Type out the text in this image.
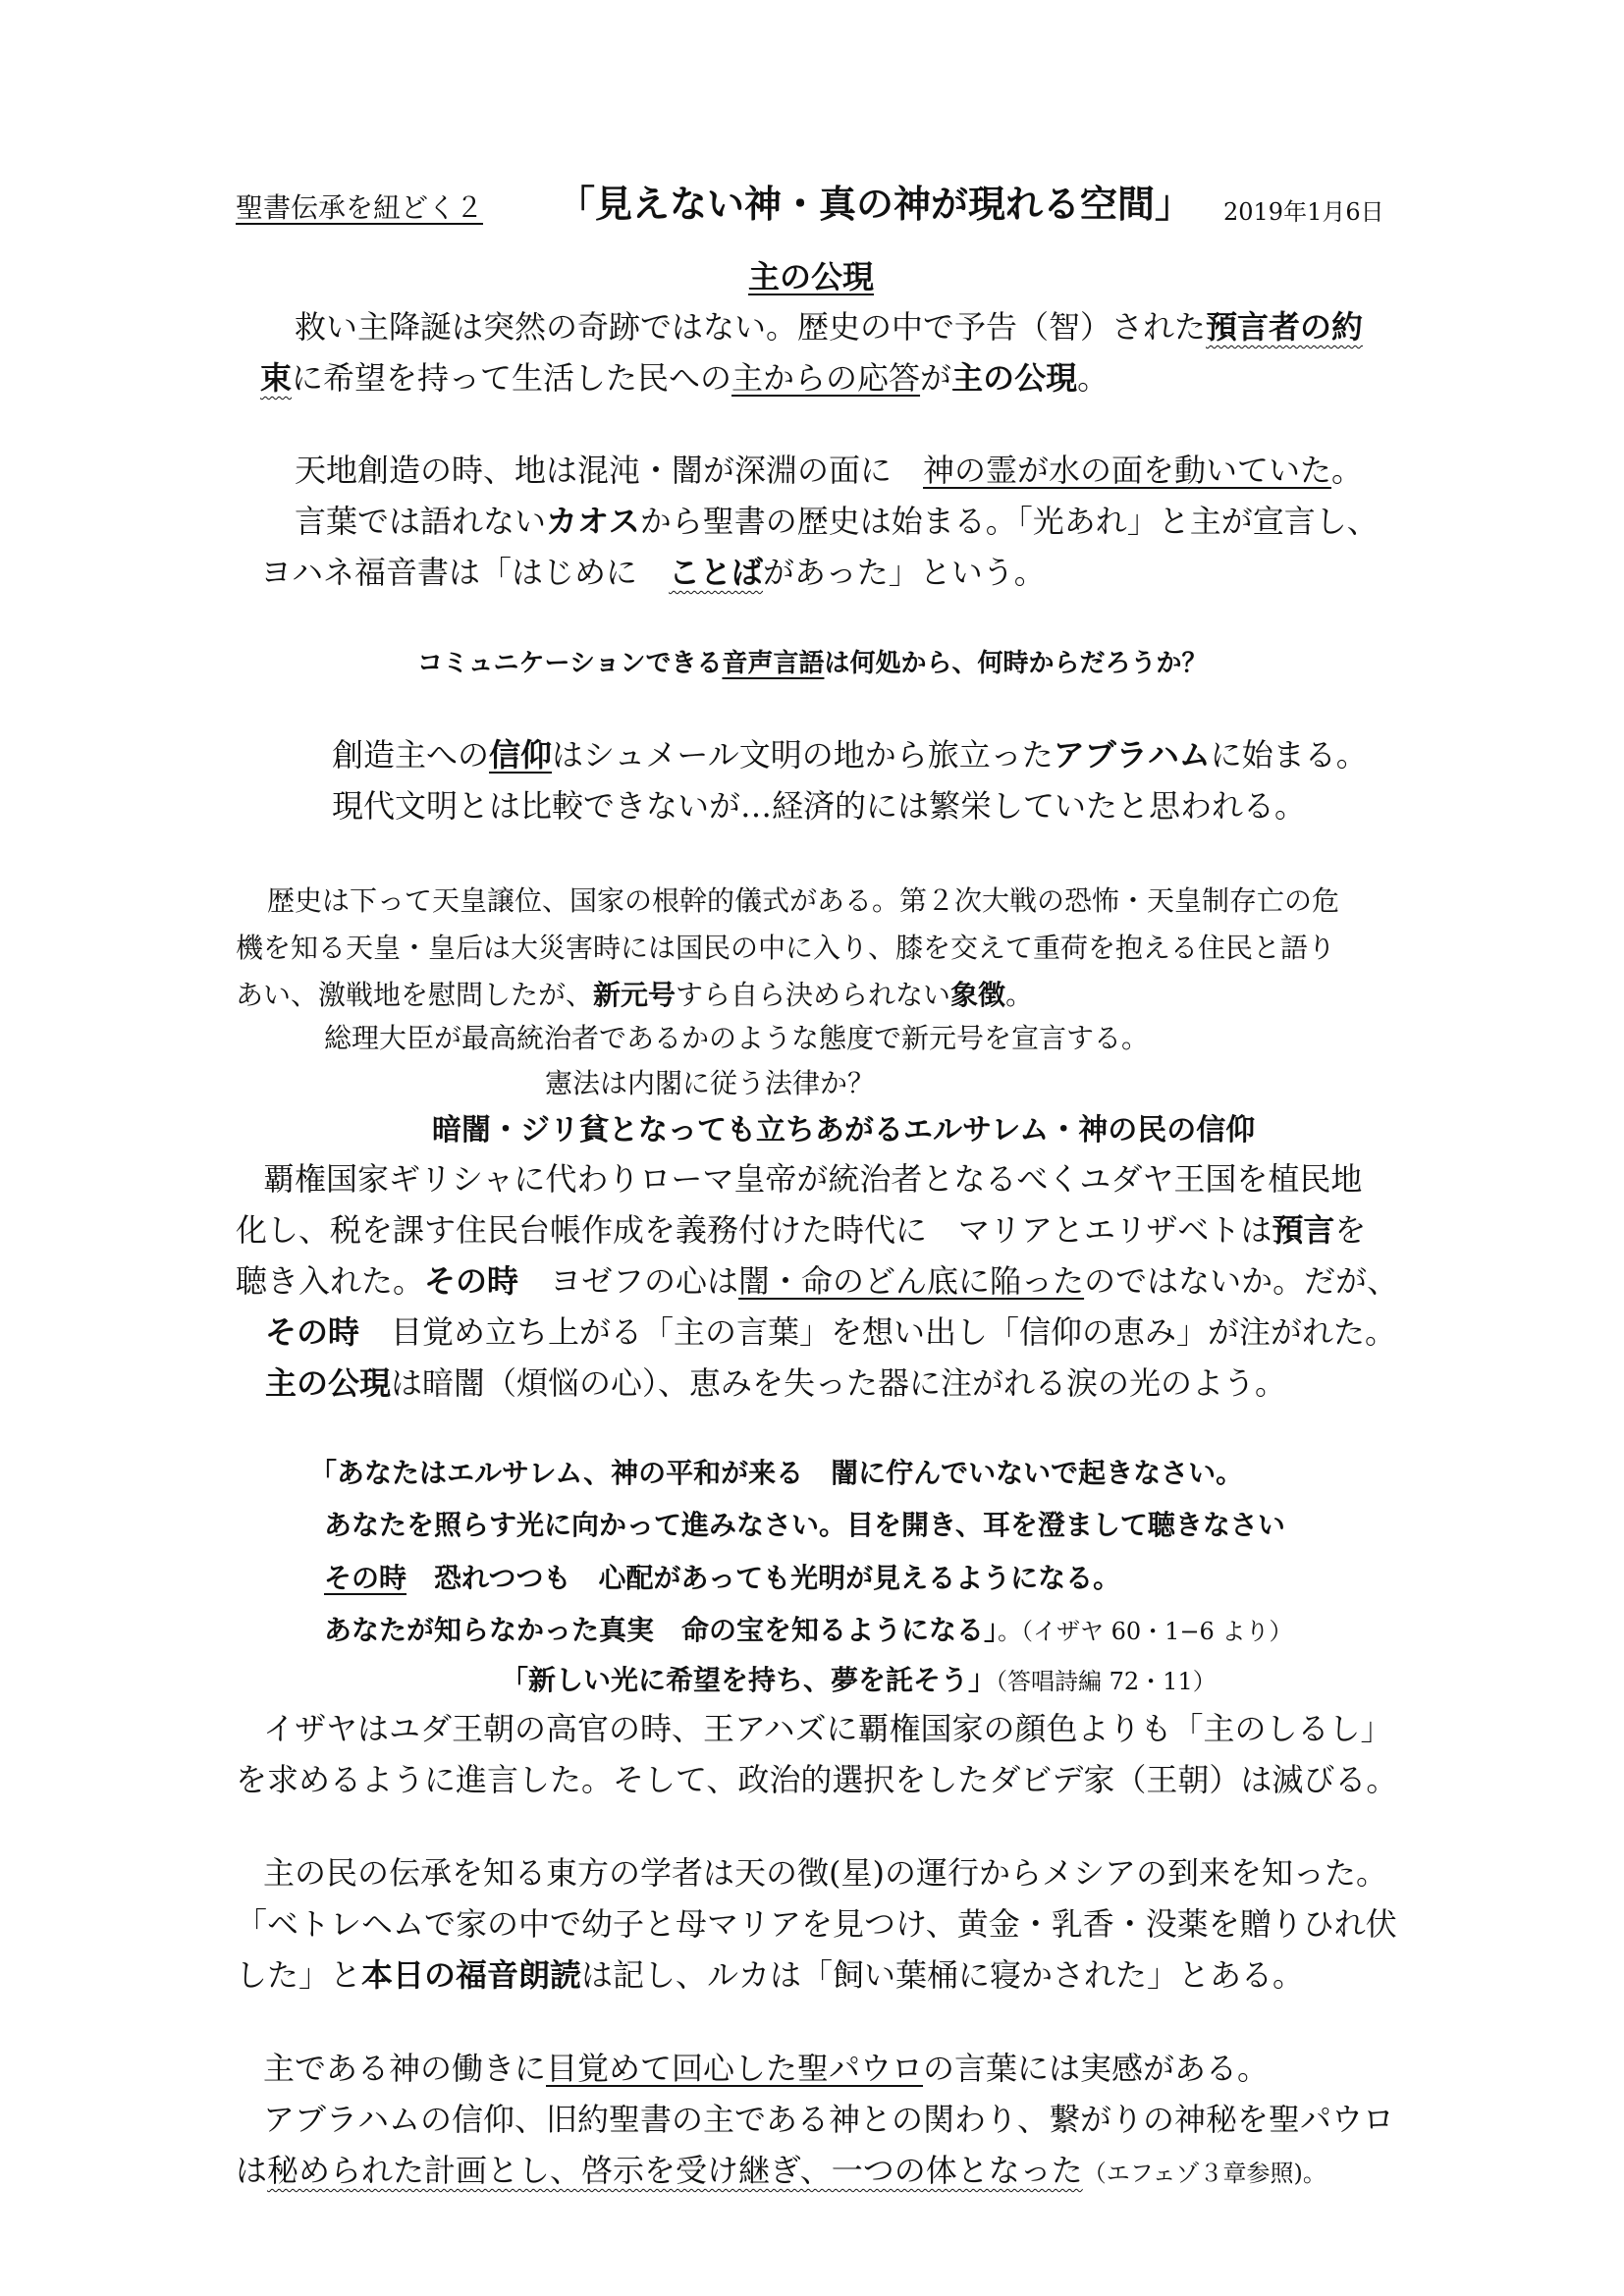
聖書伝承を紐どく２ 「見えない神・真の神が現れる空間」 2019年1月6日
主の公現
救い主降誕は突然の奇跡ではない。歴史の中で予告（智）された預言者の約
束に希望を持って生活した民への主からの応答が主の公現。
天地創造の時、地は混沌・闇が深淵の面に　神の霊が水の面を動いていた。
言葉では語れないカオスから聖書の歴史は始まる。「光あれ」と主が宣言し、
ヨハネ福音書は「はじめに　ことばがあった」という。
コミュニケーションできる音声言語は何処から、何時からだろうか？
創造主への信仰はシュメール文明の地から旅立ったアブラハムに始まる。
現代文明とは比較できないが…経済的には繁栄していたと思われる。
歴史は下って天皇譲位、国家の根幹的儀式がある。第２次大戦の恐怖・天皇制存亡の危
機を知る天皇・皇后は大災害時には国民の中に入り、膝を交えて重荷を抱える住民と語り
あい、激戦地を慰問したが、新元号すら自ら決められない象徴。
総理大臣が最高統治者であるかのような態度で新元号を宣言する。
憲法は内閣に従う法律か？
暗闇・ジリ貧となっても立ちあがるエルサレム・神の民の信仰
覇権国家ギリシャに代わりローマ皇帝が統治者となるべくユダヤ王国を植民地
化し、税を課す住民台帳作成を義務付けた時代に　マリアとエリザベトは預言を
聴き入れた。その時　ヨゼフの心は闇・命のどん底に陥ったのではないか。だが、
その時　目覚め立ち上がる「主の言葉」を想い出し「信仰の恵み」が注がれた。
主の公現は暗闇（煩悩の心）、恵みを失った器に注がれる涙の光のよう。
「あなたはエルサレム、神の平和が来る　闇に佇んでいないで起きなさい。
あなたを照らす光に向かって進みなさい。目を開き、耳を澄まして聴きなさい
その時　恐れつつも　心配があっても光明が見えるようになる。
あなたが知らなかった真実　命の宝を知るようになる」。（イザヤ 60・1−6 より）
「新しい光に希望を持ち、夢を託そう」（答唱詩編 72・11）
イザヤはユダ王朝の高官の時、王アハズに覇権国家の顔色よりも「主のしるし」
を求めるように進言した。そして、政治的選択をしたダビデ家（王朝）は滅びる。
主の民の伝承を知る東方の学者は天の徴(星)の運行からメシアの到来を知った。
「ベトレヘムで家の中で幼子と母マリアを見つけ、黄金・乳香・没薬を贈りひれ伏
した」と本日の福音朗読は記し、ルカは「飼い葉桶に寝かされた」とある。
主である神の働きに目覚めて回心した聖パウロの言葉には実感がある。
アブラハムの信仰、旧約聖書の主である神との関わり、繋がりの神秘を聖パウロ
は秘められた計画とし、啓示を受け継ぎ、一つの体となった（エフェゾ３章参照)。
